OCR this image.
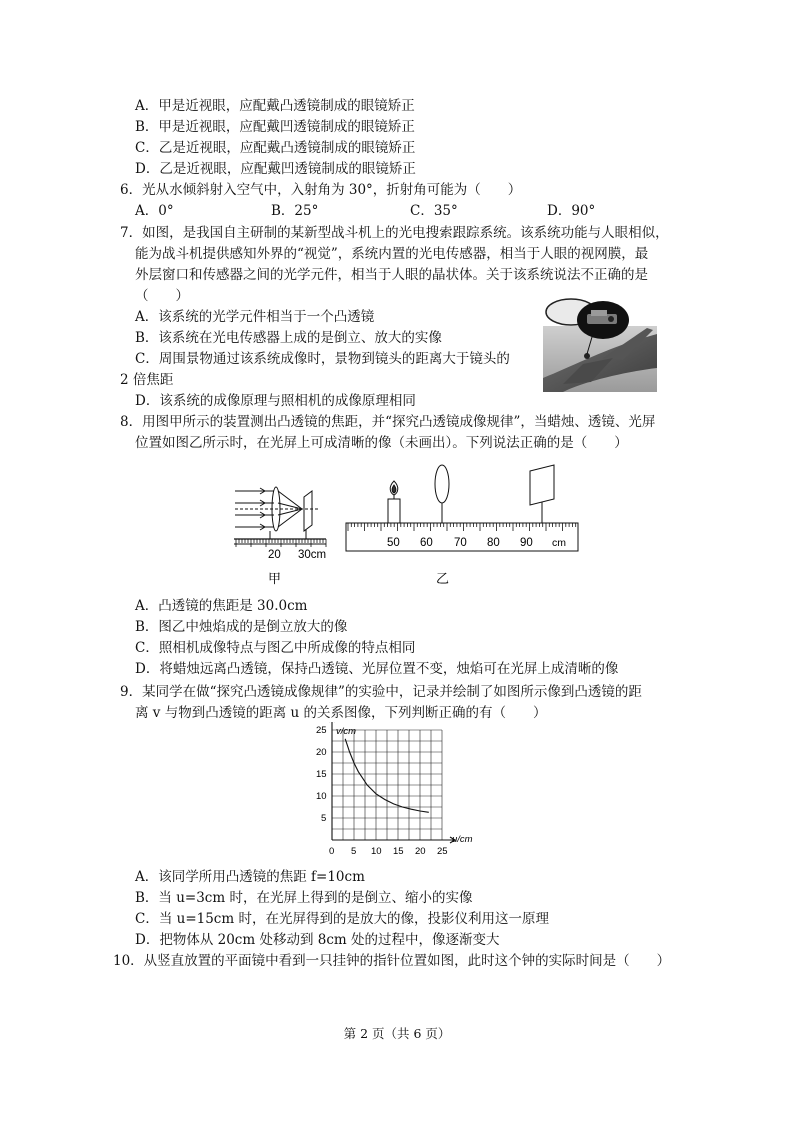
A．甲是近视眼，应配戴凸透镜制成的眼镜矫正
B．甲是近视眼，应配戴凹透镜制成的眼镜矫正
C．乙是近视眼，应配戴凸透镜制成的眼镜矫正
D．乙是近视眼，应配戴凹透镜制成的眼镜矫正
6．光从水倾斜射入空气中，入射角为 30°，折射角可能为（　　）
A．0°	B．25°	C．35°	D．90°
7．如图，是我国自主研制的某新型战斗机上的光电搜索跟踪系统。该系统功能与人眼相似，
能为战斗机提供感知外界的“视觉”，系统内置的光电传感器，相当于人眼的视网膜，最
外层窗口和传感器之间的光学元件，相当于人眼的晶状体。关于该系统说法不正确的是
（　　）
A．该系统的光学元件相当于一个凸透镜
B．该系统在光电传感器上成的是倒立、放大的实像
C．周围景物通过该系统成像时，景物到镜头的距离大于镜头的
2 倍焦距
D．该系统的成像原理与照相机的成像原理相同
8．用图甲所示的装置测出凸透镜的焦距，并“探究凸透镜成像规律”，当蜡烛、透镜、光屏
位置如图乙所示时，在光屏上可成清晰的像（未画出）。下列说法正确的是（　　）
20 30cm
甲
50 60 70 80 90 cm
乙
A．凸透镜的焦距是 30.0cm
B．图乙中烛焰成的是倒立放大的像
C．照相机成像特点与图乙中所成像的特点相同
D．将蜡烛远离凸透镜，保持凸透镜、光屏位置不变，烛焰可在光屏上成清晰的像
9．某同学在做“探究凸透镜成像规律”的实验中，记录并绘制了如图所示像到凸透镜的距
离 v 与物到凸透镜的距离 u 的关系图像，下列判断正确的有（　　）
0 5 10 15 20 25
5
10
15
20
25 v/cm
u/cm
A．该同学所用凸透镜的焦距 f=10cm
B．当 u=3cm 时，在光屏上得到的是倒立、缩小的实像
C．当 u=15cm 时，在光屏得到的是放大的像，投影仪利用这一原理
D．把物体从 20cm 处移动到 8cm 处的过程中，像逐渐变大
10．从竖直放置的平面镜中看到一只挂钟的指针位置如图，此时这个钟的实际时间是（　　）
第 2 页（共 6 页）
